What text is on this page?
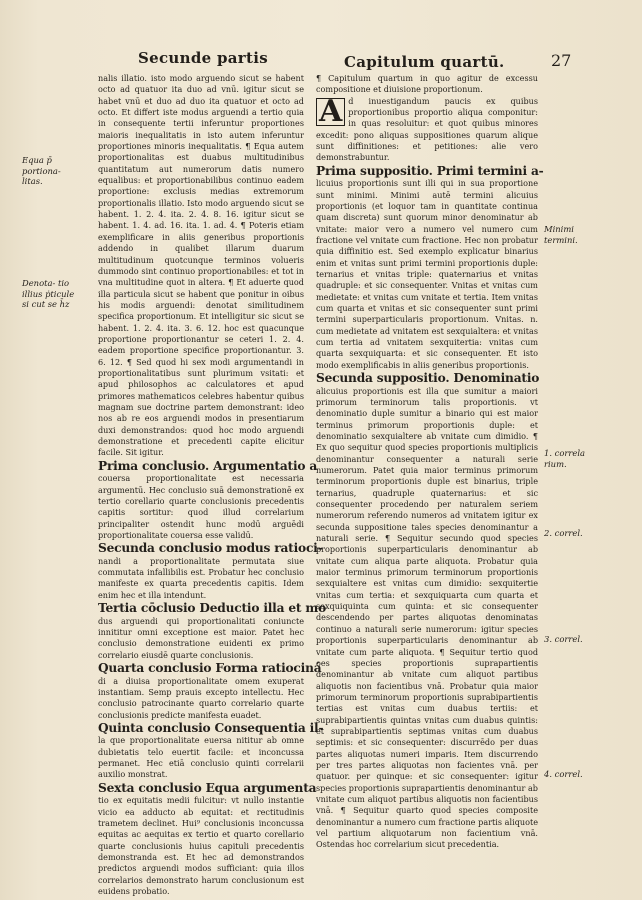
Secunde partis	Capitulum quartū.	27
Equa p̄ portiona- litas.
Denota- tio illius ṗticule si cut se h̄z
Minimi termini.
1. correla rium.
2. correl.
3. correl.
4. correl.

nalis illatio. isto modo arguendo sicut se habent octo ad quatuor ita duo ad vnū. igitur sicut se habet vnū et duo ad duo ita quatuor et octo ad octo. Et differt iste modus arguendi a tertio quia in consequente tertii inferuntur proportiones maioris inequalitatis in isto autem inferuntur proportiones minoris inequalitatis. ¶ Equa autem proportionalitas est duabus multitudinibus quantitatum aut numerorum datis numero equalibus: et proportionabilibus continuo eadem proportione: exclusis medias extremorum proportionalis illatio. Isto modo arguendo sicut se habent. 1. 2. 4. ita. 2. 4. 8. 16. igitur sicut se habent. 1. 4. ad. 16. ita. 1. ad. 4. ¶ Poteris etiam exemplificare in aliis generibus proportionis addendo in qualibet illarum duarum multitudinum quotcunque terminos volueris dummodo sint continuo proportionabiles: et tot in vna multitudine quot in altera. ¶ Et aduerte quod illa particula sicut se habent que ponitur in oibus his modis arguendi: denotat similitudinem specifica proportionum. Et intelligitur sic sicut se habent. 1. 2. 4. ita. 3. 6. 12. hoc est quacunque proportione proportionantur se ceteri 1. 2. 4. eadem proportione specifice proportionantur. 3. 6. 12. ¶ Sed quod hi sex modi argumentandi in proportionalitatibus sunt plurimum vsitati: et apud philosophos ac calculatores et apud primores mathematicos celebres habentur quibus magnam sue doctrine partem demonstrant: ideo nos ab re eos arguendi modos in presentiarum duxi demonstrandos: quod hoc modo arguendi demonstratione et precedenti capite elicitur facile. Sit igitur.

Prima conclusio. Argumentatio a

couersa proportionalitate est necessaria argumentū. Hec conclusio suā demonstrationē ex tertio corellario quarte conclusionis precedentis capitis sortitur: quod illud correlarium principaliter ostendit hunc modū arguēdi proportionalitate couersa esse validū.

Secunda conclusio modus ratioci-

nandi a proportionalitate permutata siue commutata infallibilis est. Probatur hec conclusio manifeste ex quarta precedentis capitis. Idem enim hec et illa intendunt.

Tertia cōclusio Deductio illa et mo

dus arguendi qui proportionalitati coniuncte innititur omni exceptione est maior. Patet hec conclusio demonstratione euidenti ex primo correlario eiusdē quarte conclusionis.

Quarta conclusio Forma ratiociná

di a diuisa proportionalitate omem exuperat instantiam. Semp prauis excepto intellectu. Hec conclusio patrocinante quarto correlario quarte conclusionis predicte manifesta euadet.

Quinta conclusio Consequentia il-

la que proportionalitate euersa nititur ab omne dubietatis telo euertit facile: et inconcussa permanet. Hec etiā conclusio quinti correlarii auxilio monstrat.

Sexta conclusio Equa argumenta

tio ex equitatis medii fulcitur: vt nullo instantie vicio ea adducto ab equitat: et rectitudinis trametem declinet. Hui⁹ conclusionis inconcussa equitas ac aequitas ex tertio et quarto corellario quarte conclusionis huius capituli precedentis demonstranda est. Et hec ad demonstrandos predictos arguendi modos sufficiant: quia illos correlarios demonstrato harum conclusionum est euidens probatio.

¶ Capitulum quartum in quo agitur de excessu compositione et diuisione proportionum.

A d inuestigandum paucis ex quibus proportionibus proportio aliqua componitur: in quas resoluitur: et quot quibus minores excedit: pono aliquas suppositiones quarum alique sunt diffinitiones: et petitiones: alie vero demonstrabuntur.

Prima suppositio. Primi termini a-

licuius proportionis sunt illi qui in sua proportione sunt minimi. Minimi autē termini alicuius proportionis (et loquor tam in quantitate continua quam discreta) sunt quorum minor denominatur ab vnitate: maior vero a numero vel numero cum fractione vel vnitate cum fractione. Hec non probatur quia diffinitio est. Sed exemplo explicatur binarius enim et vnitas sunt primi termini proportionis duple: ternarius et vnitas triple: quaternarius et vnitas quadruple: et sic consequenter. Vnitas et vnitas cum medietate: et vnitas cum vnitate et tertia. Item vnitas cum quarta et vnitas et sic consequenter sunt primi termini superparticularis proportionum. Vnitas. n. cum medietate ad vnitatem est sexquialtera: et vnitas cum tertia ad vnitatem sexquitertia: vnitas cum quarta sexquiquarta: et sic consequenter. Et isto modo exemplificabis in aliis generibus proportionis.

Secunda suppositio. Denominatio

alicuius proportionis est illa que sumitur a maiori primorum terminorum talis proportionis. vt denominatio duple sumitur a binario qui est maior terminus primorum proportionis duple: et denominatio sexquialtere ab vnitate cum dimidio. ¶ Ex quo sequitur quod species proportionis multiplicis denominantur consequenter a naturali serie numerorum. Patet quia maior terminus primorum terminorum proportionis duple est binarius, triple ternarius, quadruple quaternarius: et sic consequenter procedendo per naturalem seriem numerorum referendo numeros ad vnitatem igitur ex secunda suppositione tales species denominantur a naturali serie. ¶ Sequitur secundo quod species proportionis superparticularis denominantur ab vnitate cum aliqua parte aliquota. Probatur quia maior terminus primorum terminorum proportionis sexquialtere est vnitas cum dimidio: sexquitertie vnitas cum tertia: et sexquiquarta cum quarta et sexquiquinta cum quinta: et sic consequenter descendendo per partes aliquotas denominatas continuo a naturali serie numerorum: igitur species proportionis superparticularis denominantur ab vnitate cum parte aliquota. ¶ Sequitur tertio quod oes species proportionis suprapartientis denominantur ab vnitate cum aliquot partibus aliquotis non facientibus vnā. Probatur quia maior primorum terminorum proportionis suprabipartientis tertias est vnitas cum duabus tertiis: et suprabipartientis quintas vnitas cum duabus quintis: et suprabipartientis septimas vnitas cum duabus septimis: et sic consequenter: discurrēdo per duas partes aliquotas numeri imparis. Item discurrendo per tres partes aliquotas non facientes vnā. per quatuor. per quinque: et sic consequenter: igitur species proportionis suprapartientis denominantur ab vnitate cum aliquot partibus aliquotis non facientibus vnā. ¶ Sequitur quarto quod species composite denominantur a numero cum fractione partis aliquote vel partium aliquotarum non facientium vnā. Ostendas hoc correlarium sicut precedentia.
